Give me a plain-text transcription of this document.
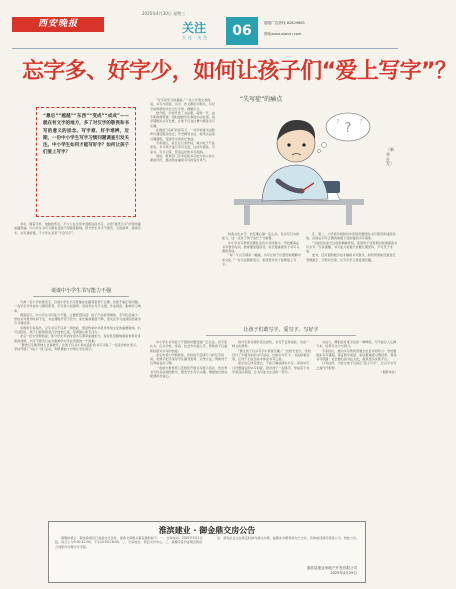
2025年4月30日 星期三
西安晚报	关注
关注·关注	06	德报广告热线 82629661
网址www.xiancn.com
忘字多、好字少，如何让孩子们“爱上写字”？
“最后”“越越”“东西”“变成”“成成”——就在有文字的地方，多了对汉字的敬畏和书写的意义的挂念。写字难、好字难辨，近期，一份中小学生写字习惯问题调查引发关注。中小学生如何才能写好字？如何让孩子们爱上写字？
“失写症”的痛点
?
?	?
（新华社发）
谈谈中小学生书写能力不强

多年，随着手机、电脑的普及，不少人在生活中逐渐远离书写，以致“提笔忘字”的现象越来越普遍。中小学生书写习惯也受到不同程度影响，部分学生写字不规范、字迹潦草、错别字多，书写速度慢，不少学生甚至“不会写字”。

天津一名小学老师表示，目前小学生书写普遍存在握笔姿势不正确、坐姿不端正等问题。一些学生写作业时习惯用铅笔，字写得小而潦草；有的学生写字太慢，作业拖沓，影响学习效率。

调查显示，中小学生书写能力不强，主要原因包括：电子产品使用增加，手写机会减少；学校书写教学时间不足，书法课程开设不充分；家长重视程度不够，更关注学习成绩而忽视书写习惯培养。

有教育专家指出，汉字书写不只是一项技能，更是传承中华优秀传统文化的重要载体。书写过程中，孩子们能够感受汉字结构之美，培养耐心和专注力。

北京一位中学教师说，部分学生考试时因书写潦草而被扣分，有时甚至影响阅卷老师对答案的判断，书写不规范已成为影响学生学业表现的一个因素。

“要把写字教育纳入日常教学，让孩子们从小养成良好的书写习惯。”一位受访校长表示，学校开展了“每日一练”活动，利用课前十分钟让学生练字。

“写字是学习的基础。”一位小学语文老师说，书写与阅读、识字、作文都密切相关，写好字能够帮助学生记忆字形、理解字义。

她介绍，学校开设了书法课，每周一节，由专职教师授课；同时鼓励学生参加书法社团，每学期组织书写比赛，让孩子们在比赛中感受书写乐趣。

在推进“双减”的背景下，一些学校将书法教育与课后服务结合，开设硬笔书法、软笔书法等兴趣课程，受到学生和家长欢迎。

专家建议，家长应以身作则，减少电子产品使用，多与孩子进行手写交流，比如写便条、写家书、写日记等，营造良好的书写氛围。

同时，教育部门可考虑将书写能力纳入综合素质评价，推动形成重视书写的良好风气。

较高文化水平，而还要心静一定心态。有书写行为的能力，这一点对于孩子成长十分重要。

中小学书写教育需要社会各方共同参与。学校要保证书写教学时间，教师要加强指导，家长要重视孩子书写习惯的养成。

“每一个汉字都是一幅画，书写让孩子们更好地理解中华文化。”一位书法教师表示，希望更多孩子能够爱上写字。

孔、第二，小学高年级和初中阶段需要强化书写规范和速度训练，在保证书写正确的前提下逐步提高书写速度。

“当前有些家长过度依赖辅导班，希望孩子在短期内快速提高书写水平。”专家提醒，书写能力的提升需要长期坚持，不可急于求成。

此外，还可借助数字技术辅助书写教学，如利用智能设备进行笔顺演示、字形对比等，让写字学习更直观有趣。

让孩子们敢写字、爱写字、写好字

中小学生书写能力不强的问题受到广泛关注。有专家认为，应从学校、家庭、社会多方面入手，帮助孩子们重新拾起对书写的热爱。

北京市某小学教师说，学校每天安排专门的写字时间，老师手把手指导学生握笔姿势、运笔方法，帮助孩子们养成良好习惯。

一些地方教育部门还组织开展书写展示活动，把优秀书写作品在校园展出，激发学生写字兴趣，增强他们的成就感和自信心。

校外专家对现状表达担忧，书写不仅是技能，也是一种文化修养。

“要让孩子们从写字中获得乐趣。”一位校长表示，学校设计了丰富多彩的书写活动，比如书写打卡、书法故事会等，让孩子们在活动中体会书写之美。

家长也应改变观念，不能只重成绩轻书写。家庭中可以设置固定的书写时间，陪伴孩子一起练字，形成亲子共学的良好氛围，让书写成为生活的一部分。

书法大，哪怕好好练字也是一种修炼，写字能让人心静下来，培养专注力与毅力。

专家指出，推动书写教育需要全社会共同努力：学校要落实书写课程，保证教学质量；家庭要重视习惯培养，营造书写氛围；社会要弘扬书法文化，提供更多实践平台。

只有这样，才能让孩子们真正“爱上写字”，让汉字书写之美代代相传。

（据新华社）

淮滨建业 · 御金鼎交房公告

尊敬的業主：御金鼎项目已具备交付条件，现将交房相关事宜通知如下：一、交房时间：2025年5月1日起，每日上午9:00-12:00，下午14:30-18:00。二、交房地点：项目交付中心。三、请携带身份证明及购房合同原件办理交付手续。

注：请各位业主在规定时间内前往办理，逾期未办理者视为已交付。咨询电话请见项目公示。特此公告。

淮滨县建业房地产开发有限公司
2025年4月29日
